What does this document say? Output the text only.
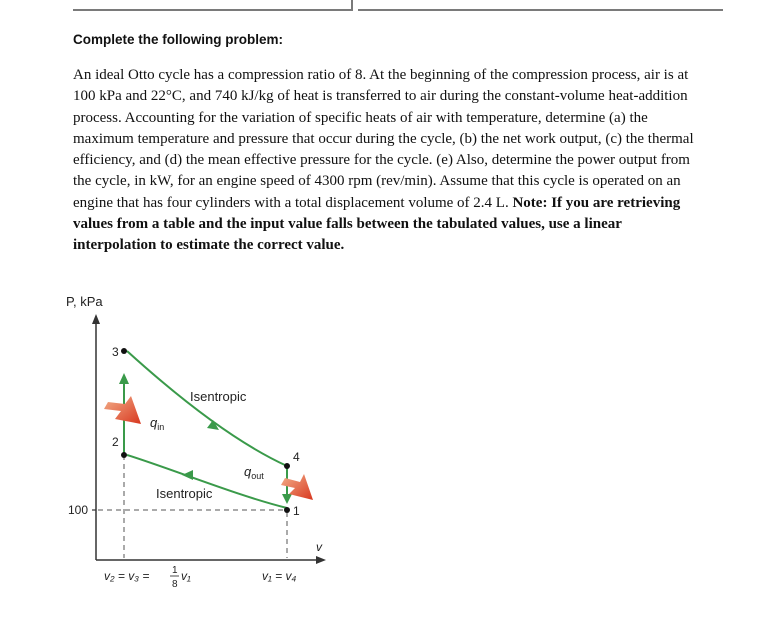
Complete the following problem:
An ideal Otto cycle has a compression ratio of 8. At the beginning of the compression process, air is at 100 kPa and 22°C, and 740 kJ/kg of heat is transferred to air during the constant-volume heat-addition process. Accounting for the variation of specific heats of air with temperature, determine (a) the maximum temperature and pressure that occur during the cycle, (b) the net work output, (c) the thermal efficiency, and (d) the mean effective pressure for the cycle. (e) Also, determine the power output from the cycle, in kW, for an engine speed of 4300 rpm (rev/min). Assume that this cycle is operated on an engine that has four cylinders with a total displacement volume of 2.4 L. Note: If you are retrieving values from a table and the input value falls between the tabulated values, use a linear interpolation to estimate the correct value.
P, kPa
v
100	1
2
3
4
Isentropic
Isentropic
$q_{in}$
$q_{out}$
v₂ = v₃ = 1
8
v₁	v₁ = v₄
